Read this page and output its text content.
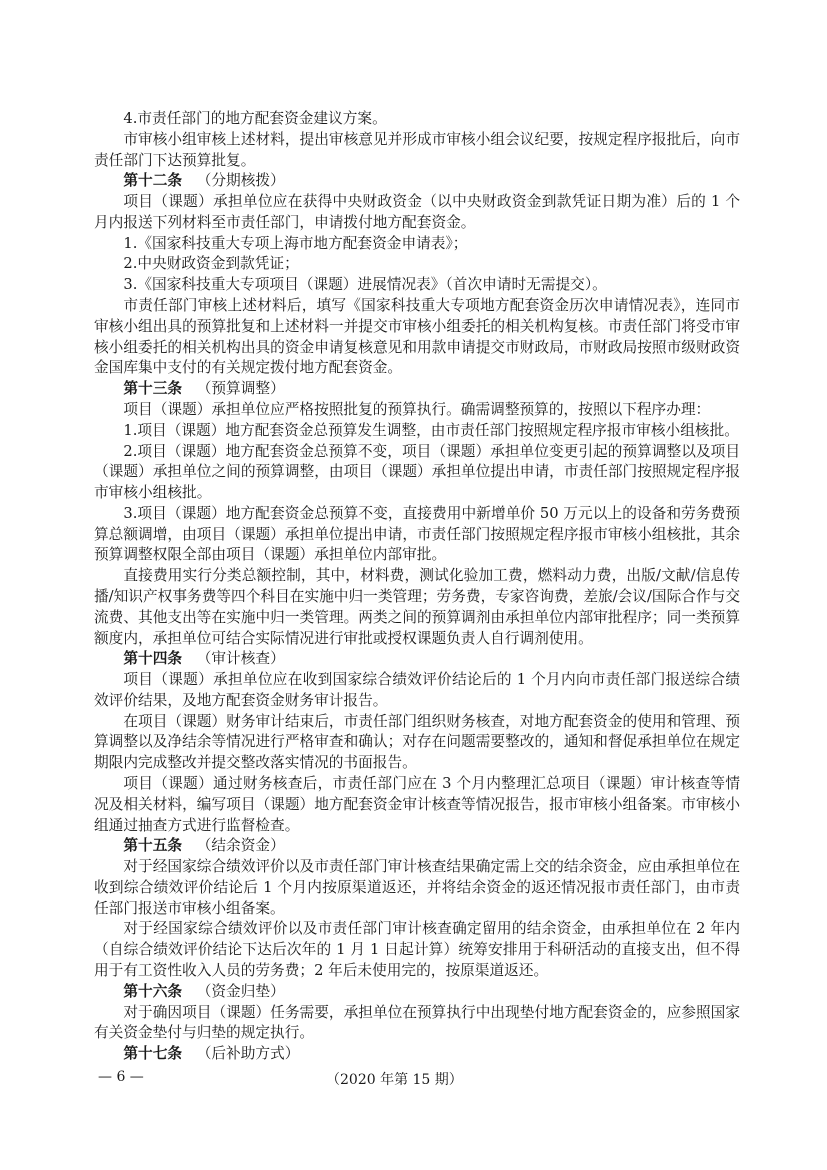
4.市责任部门的地方配套资金建议方案。

市审核小组审核上述材料，提出审核意见并形成市审核小组会议纪要，按规定程序报批后，向市责任部门下达预算批复。

第十二条 （分期核拨）

项目（课题）承担单位应在获得中央财政资金（以中央财政资金到款凭证日期为准）后的 1 个月内报送下列材料至市责任部门，申请拨付地方配套资金。

1.《国家科技重大专项上海市地方配套资金申请表》；

2.中央财政资金到款凭证；

3.《国家科技重大专项项目（课题）进展情况表》（首次申请时无需提交）。

市责任部门审核上述材料后，填写《国家科技重大专项地方配套资金历次申请情况表》，连同市审核小组出具的预算批复和上述材料一并提交市审核小组委托的相关机构复核。市责任部门将受市审核小组委托的相关机构出具的资金申请复核意见和用款申请提交市财政局，市财政局按照市级财政资金国库集中支付的有关规定拨付地方配套资金。

第十三条 （预算调整）

项目（课题）承担单位应严格按照批复的预算执行。确需调整预算的，按照以下程序办理：

1.项目（课题）地方配套资金总预算发生调整，由市责任部门按照规定程序报市审核小组核批。

2.项目（课题）地方配套资金总预算不变，项目（课题）承担单位变更引起的预算调整以及项目（课题）承担单位之间的预算调整，由项目（课题）承担单位提出申请，市责任部门按照规定程序报市审核小组核批。

3.项目（课题）地方配套资金总预算不变，直接费用中新增单价 50 万元以上的设备和劳务费预算总额调增，由项目（课题）承担单位提出申请，市责任部门按照规定程序报市审核小组核批，其余预算调整权限全部由项目（课题）承担单位内部审批。

直接费用实行分类总额控制，其中，材料费，测试化验加工费，燃料动力费，出版/文献/信息传播/知识产权事务费等四个科目在实施中归一类管理；劳务费，专家咨询费，差旅/会议/国际合作与交流费、其他支出等在实施中归一类管理。两类之间的预算调剂由承担单位内部审批程序；同一类预算额度内，承担单位可结合实际情况进行审批或授权课题负责人自行调剂使用。

第十四条 （审计核查）

项目（课题）承担单位应在收到国家综合绩效评价结论后的 1 个月内向市责任部门报送综合绩效评价结果，及地方配套资金财务审计报告。

在项目（课题）财务审计结束后，市责任部门组织财务核查，对地方配套资金的使用和管理、预算调整以及净结余等情况进行严格审查和确认；对存在问题需要整改的，通知和督促承担单位在规定期限内完成整改并提交整改落实情况的书面报告。

项目（课题）通过财务核查后，市责任部门应在 3 个月内整理汇总项目（课题）审计核查等情况及相关材料，编写项目（课题）地方配套资金审计核查等情况报告，报市审核小组备案。市审核小组通过抽查方式进行监督检查。

第十五条 （结余资金）

对于经国家综合绩效评价以及市责任部门审计核查结果确定需上交的结余资金，应由承担单位在收到综合绩效评价结论后 1 个月内按原渠道返还，并将结余资金的返还情况报市责任部门，由市责任部门报送市审核小组备案。

对于经国家综合绩效评价以及市责任部门审计核查确定留用的结余资金，由承担单位在 2 年内（自综合绩效评价结论下达后次年的 1 月 1 日起计算）统筹安排用于科研活动的直接支出，但不得用于有工资性收入人员的劳务费；2 年后未使用完的，按原渠道返还。

第十六条 （资金归垫）

对于确因项目（课题）任务需要，承担单位在预算执行中出现垫付地方配套资金的，应参照国家有关资金垫付与归垫的规定执行。

第十七条 （后补助方式）

— 6 —	（2020 年第 15 期）
